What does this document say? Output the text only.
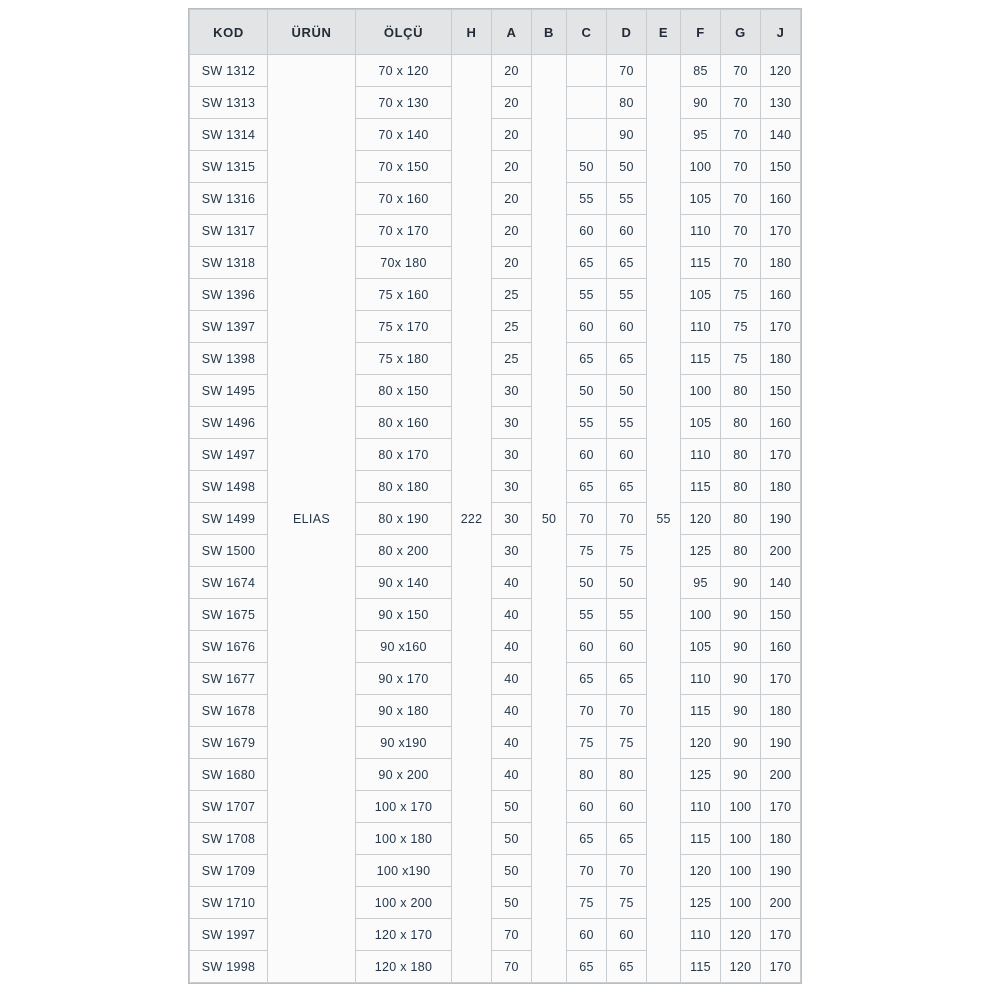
KOD	ÜRÜN	ÖLÇÜ	H	A	B	C	D	E	F	G	J
SW 1312	ELIAS	70 x 120	222	20	50		70	55	85	70	120
SW 1313		70 x 130		20			80		90	70	130
SW 1314		70 x 140		20			90		95	70	140
SW 1315		70 x 150		20		50	50		100	70	150
SW 1316		70 x 160		20		55	55		105	70	160
SW 1317		70 x 170		20		60	60		110	70	170
SW 1318		70x 180		20		65	65		115	70	180
SW 1396		75 x 160		25		55	55		105	75	160
SW 1397		75 x 170		25		60	60		110	75	170
SW 1398		75 x 180		25		65	65		115	75	180
SW 1495		80 x 150		30		50	50		100	80	150
SW 1496		80 x 160		30		55	55		105	80	160
SW 1497		80 x 170		30		60	60		110	80	170
SW 1498		80 x 180		30		65	65		115	80	180
SW 1499		80 x 190		30		70	70		120	80	190
SW 1500		80 x 200		30		75	75		125	80	200
SW 1674		90 x 140		40		50	50		95	90	140
SW 1675		90 x 150		40		55	55		100	90	150
SW 1676		90 x160		40		60	60		105	90	160
SW 1677		90 x 170		40		65	65		110	90	170
SW 1678		90 x 180		40		70	70		115	90	180
SW 1679		90 x190		40		75	75		120	90	190
SW 1680		90 x 200		40		80	80		125	90	200
SW 1707		100 x 170		50		60	60		110	100	170
SW 1708		100 x 180		50		65	65		115	100	180
SW 1709		100 x190		50		70	70		120	100	190
SW 1710		100 x 200		50		75	75		125	100	200
SW 1997		120 x 170		70		60	60		110	120	170
SW 1998		120 x 180		70		65	65		115	120	170
